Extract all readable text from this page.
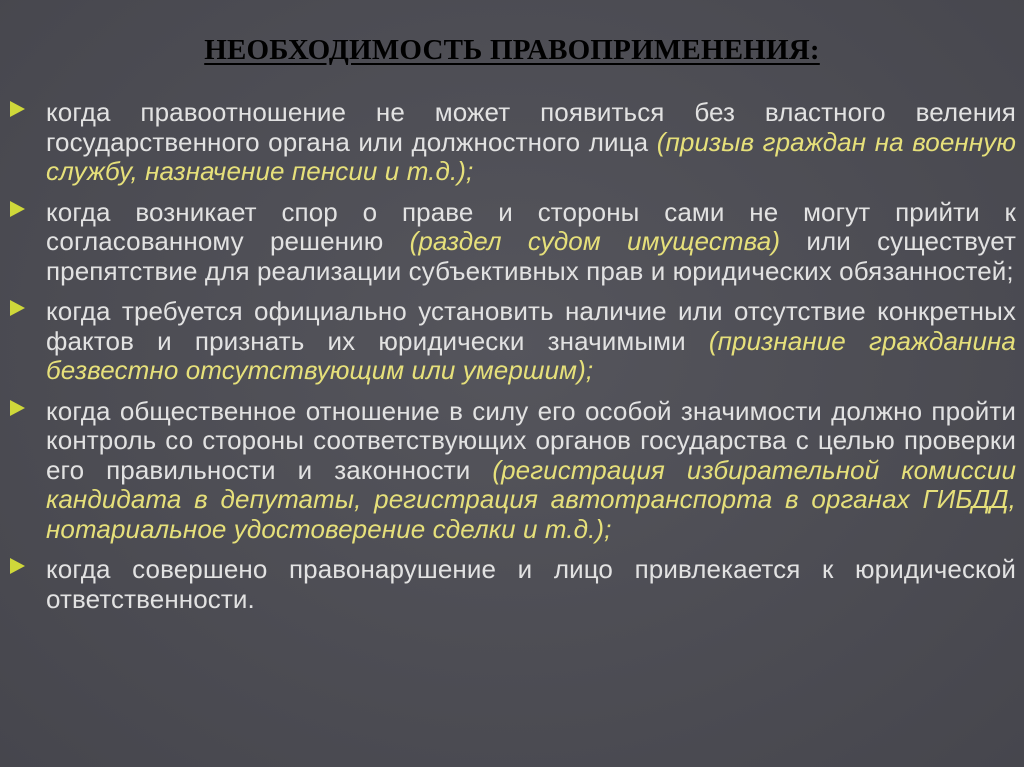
НЕОБХОДИМОСТЬ ПРАВОПРИМЕНЕНИЯ:
когда правоотношение не может появиться без властного веления государственного органа или должностного лица (призыв граждан на военную службу, назначение пенсии и т.д.);
когда возникает спор о праве и стороны сами не могут прийти к согласованному решению (раздел судом имущества) или существует препятствие для реализации субъективных прав и юридических обязанностей;
когда требуется официально установить наличие или отсутствие конкретных фактов и признать их юридически значимыми (признание гражданина безвестно отсутствующим или умершим);
когда общественное отношение в силу его особой значимости должно пройти контроль со стороны соответствующих органов государства с целью проверки его правильности и законности (регистрация избирательной комиссии кандидата в депутаты, регистрация автотранспорта в органах ГИБДД, нотариальное удостоверение сделки и т.д.);
когда совершено правонарушение и лицо привлекается к юридической ответственности.
